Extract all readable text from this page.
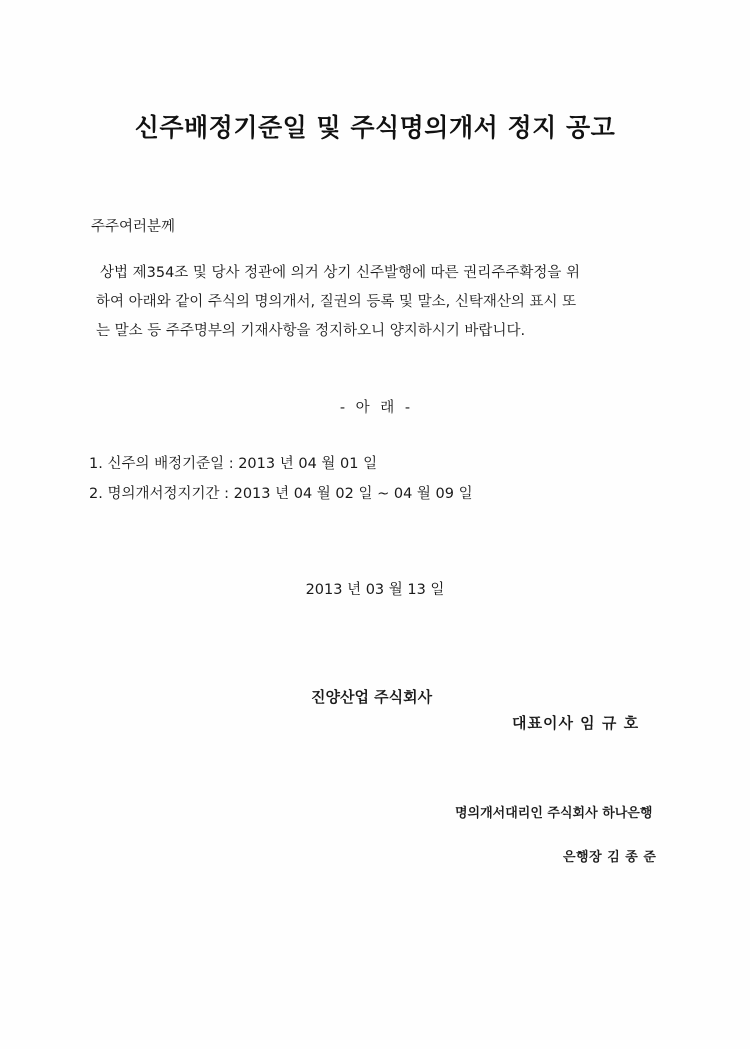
신주배정기준일 및 주식명의개서 정지 공고
주주여러분께
상법 제354조 및 당사 정관에 의거 상기 신주발행에 따른 권리주주확정을 위
하여 아래와 같이 주식의 명의개서, 질권의 등록 및 말소, 신탁재산의 표시 또
는 말소 등 주주명부의 기재사항을 정지하오니 양지하시기 바랍니다.
- 아 래 -
1. 신주의 배정기준일 : 2013 년 04 월 01 일
2. 명의개서정지기간 : 2013 년 04 월 02 일 ~ 04 월 09 일
2013 년 03 월 13 일
진양산업 주식회사
대표이사 임 규 호
명의개서대리인 주식회사 하나은행
은행장 김 종 준
